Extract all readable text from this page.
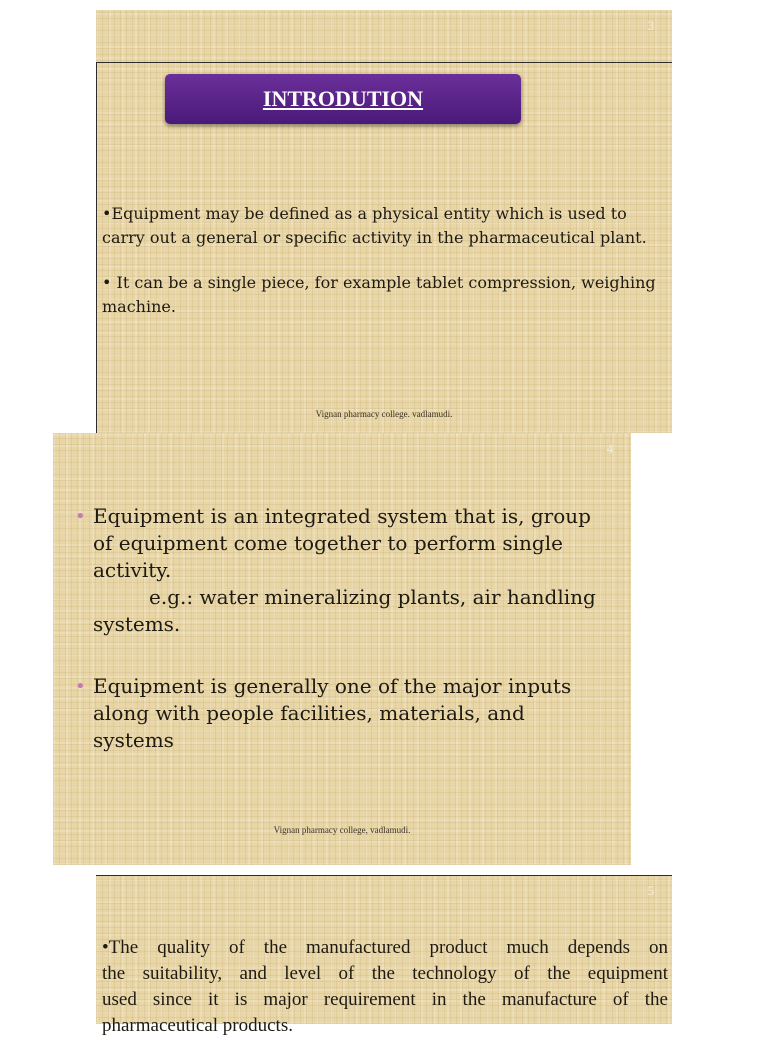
3
INTRODUTION
•Equipment may be defined as a physical entity which is used to
carry out a general or specific activity in the pharmaceutical plant.
• It can be a single piece, for example tablet compression, weighing
machine.
Vignan pharmacy college. vadlamudi.
4
• Equipment is an integrated system that is, group
of equipment come together to perform single
activity.
e.g.: water mineralizing plants, air handling
systems.
• Equipment is generally one of the major inputs
along with people facilities, materials, and
systems
Vignan pharmacy college, vadlamudi.
5
•The quality of the manufactured product much depends on
the suitability, and level of the technology of the equipment
used since it is major requirement in the manufacture of the
pharmaceutical products.
